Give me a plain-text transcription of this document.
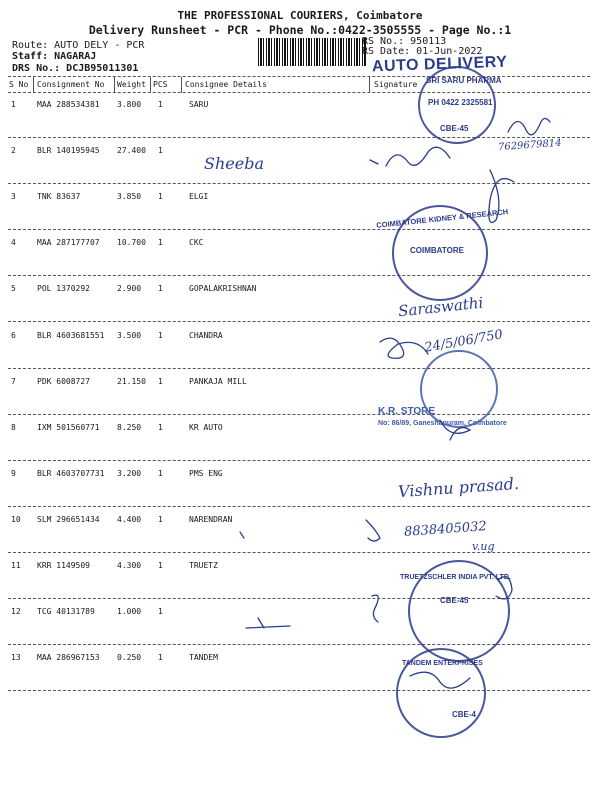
THE PROFESSIONAL COURIERS, Coimbatore
Delivery Runsheet - PCR - Phone No.:0422-3505555 - Page No.:1
Route: AUTO DELY - PCR
Staff: NAGARAJ
DRS No.: DCJB95011301
RS No.: 950113
RS Date: 01-Jun-2022
AUTO DELIVERY
S No Consignment No Weight PCS Consignee Details	Signature
1	MAA 288534381 3.800 1	SARU
2	BLR 140195945 27.400 1
3	TNK 83637	3.850 1	ELGI
4	MAA 287177707 10.700 1	CKC
5	POL 1370292	2.900 1	GOPALAKRISHNAN
6	BLR 4603681551 3.500 1	CHANDRA
7	PDK 6008727	21.150 1	PANKAJA MILL
8	IXM 501560771 8.250 1	KR AUTO
9	BLR 4603707731 3.200 1	PMS ENG
10 SLM 296651434 4.400 1	NARENDRAN
11 KRR 1149509	4.300 1	TRUETZ
12 TCG 40131789	1.000 1
13 MAA 286967153 0.250 1	TANDEM
SRI SARU PHARMA
PH 0422 2325581
CBE-45
COIMBATORE KIDNEY & RESEARCH
COIMBATORE
K.R. STORE
No: 86/89, Ganeshapuram, Coimbatore
TRUETZSCHLER INDIA PVT. LTD.
CBE-45
TANDEM ENTERPRISES
CBE-4
Sheeba
7629679814
Saraswathi
24/5/06/750
Vishnu prasad.
8838405032
v.ug
